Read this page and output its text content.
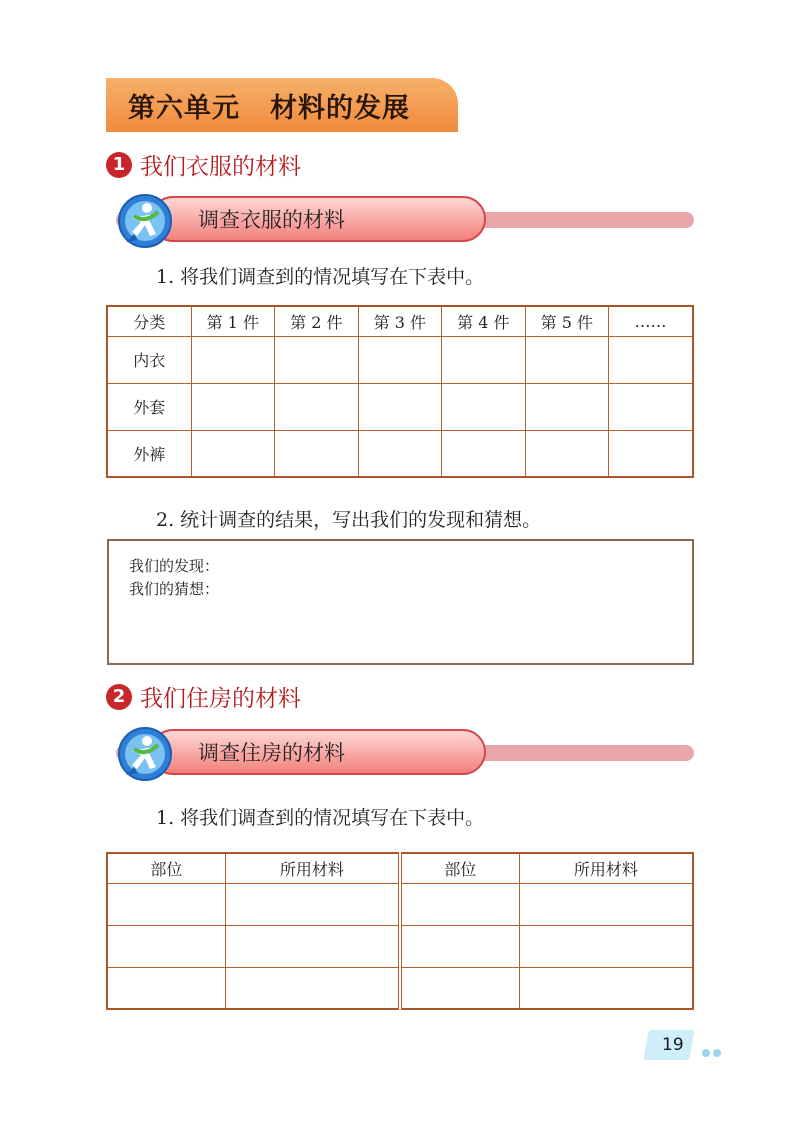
第六单元 材料的发展
1 我们衣服的材料
调查衣服的材料
1. 将我们调查到的情况填写在下表中。
分类	第 1 件	第 2 件	第 3 件	第 4 件	第 5 件	……
内衣						
外套						
外裤						
2. 统计调查的结果，写出我们的发现和猜想。
我们的发现：
我们的猜想：
2 我们住房的材料
调查住房的材料
1. 将我们调查到的情况填写在下表中。
部位	所用材料	部位	所用材料

19
